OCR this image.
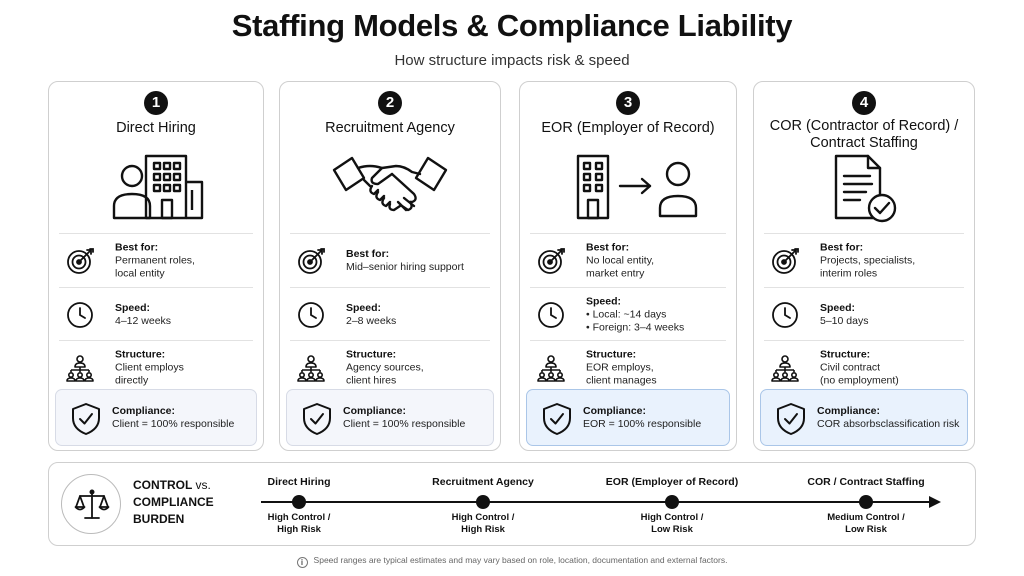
Staffing Models & Compliance Liability
How structure impacts risk & speed
1
Direct Hiring
Best for:
Permanent roles,
local entity
Speed:
4–12 weeks
Structure:
Client employs
directly
Compliance:
Client = 100% responsible
2
Recruitment Agency
Best for:
Mid–senior hiring support
Speed:
2–8 weeks
Structure:
Agency sources,
client hires
Compliance:
Client = 100% responsible
3
EOR (Employer of Record)
Best for:
No local entity,
market entry
Speed:
• Local: ~14 days
• Foreign: 3–4 weeks
Structure:
EOR employs,
client manages
Compliance:
EOR = 100% responsible
4
COR (Contractor of Record) / Contract Staffing
Best for:
Projects, specialists,
interim roles
Speed:
5–10 days
Structure:
Civil contract
(no employment)
Compliance:
COR absorbsclassification risk
CONTROL vs.
COMPLIANCE
BURDEN
Direct Hiring
High Control /
High Risk
Recruitment Agency
High Control /
High Risk
EOR (Employer of Record)
High Control /
Low Risk
COR / Contract Staffing
Medium Control /
Low Risk
i Speed ranges are typical estimates and may vary based on role, location, documentation and external factors.
